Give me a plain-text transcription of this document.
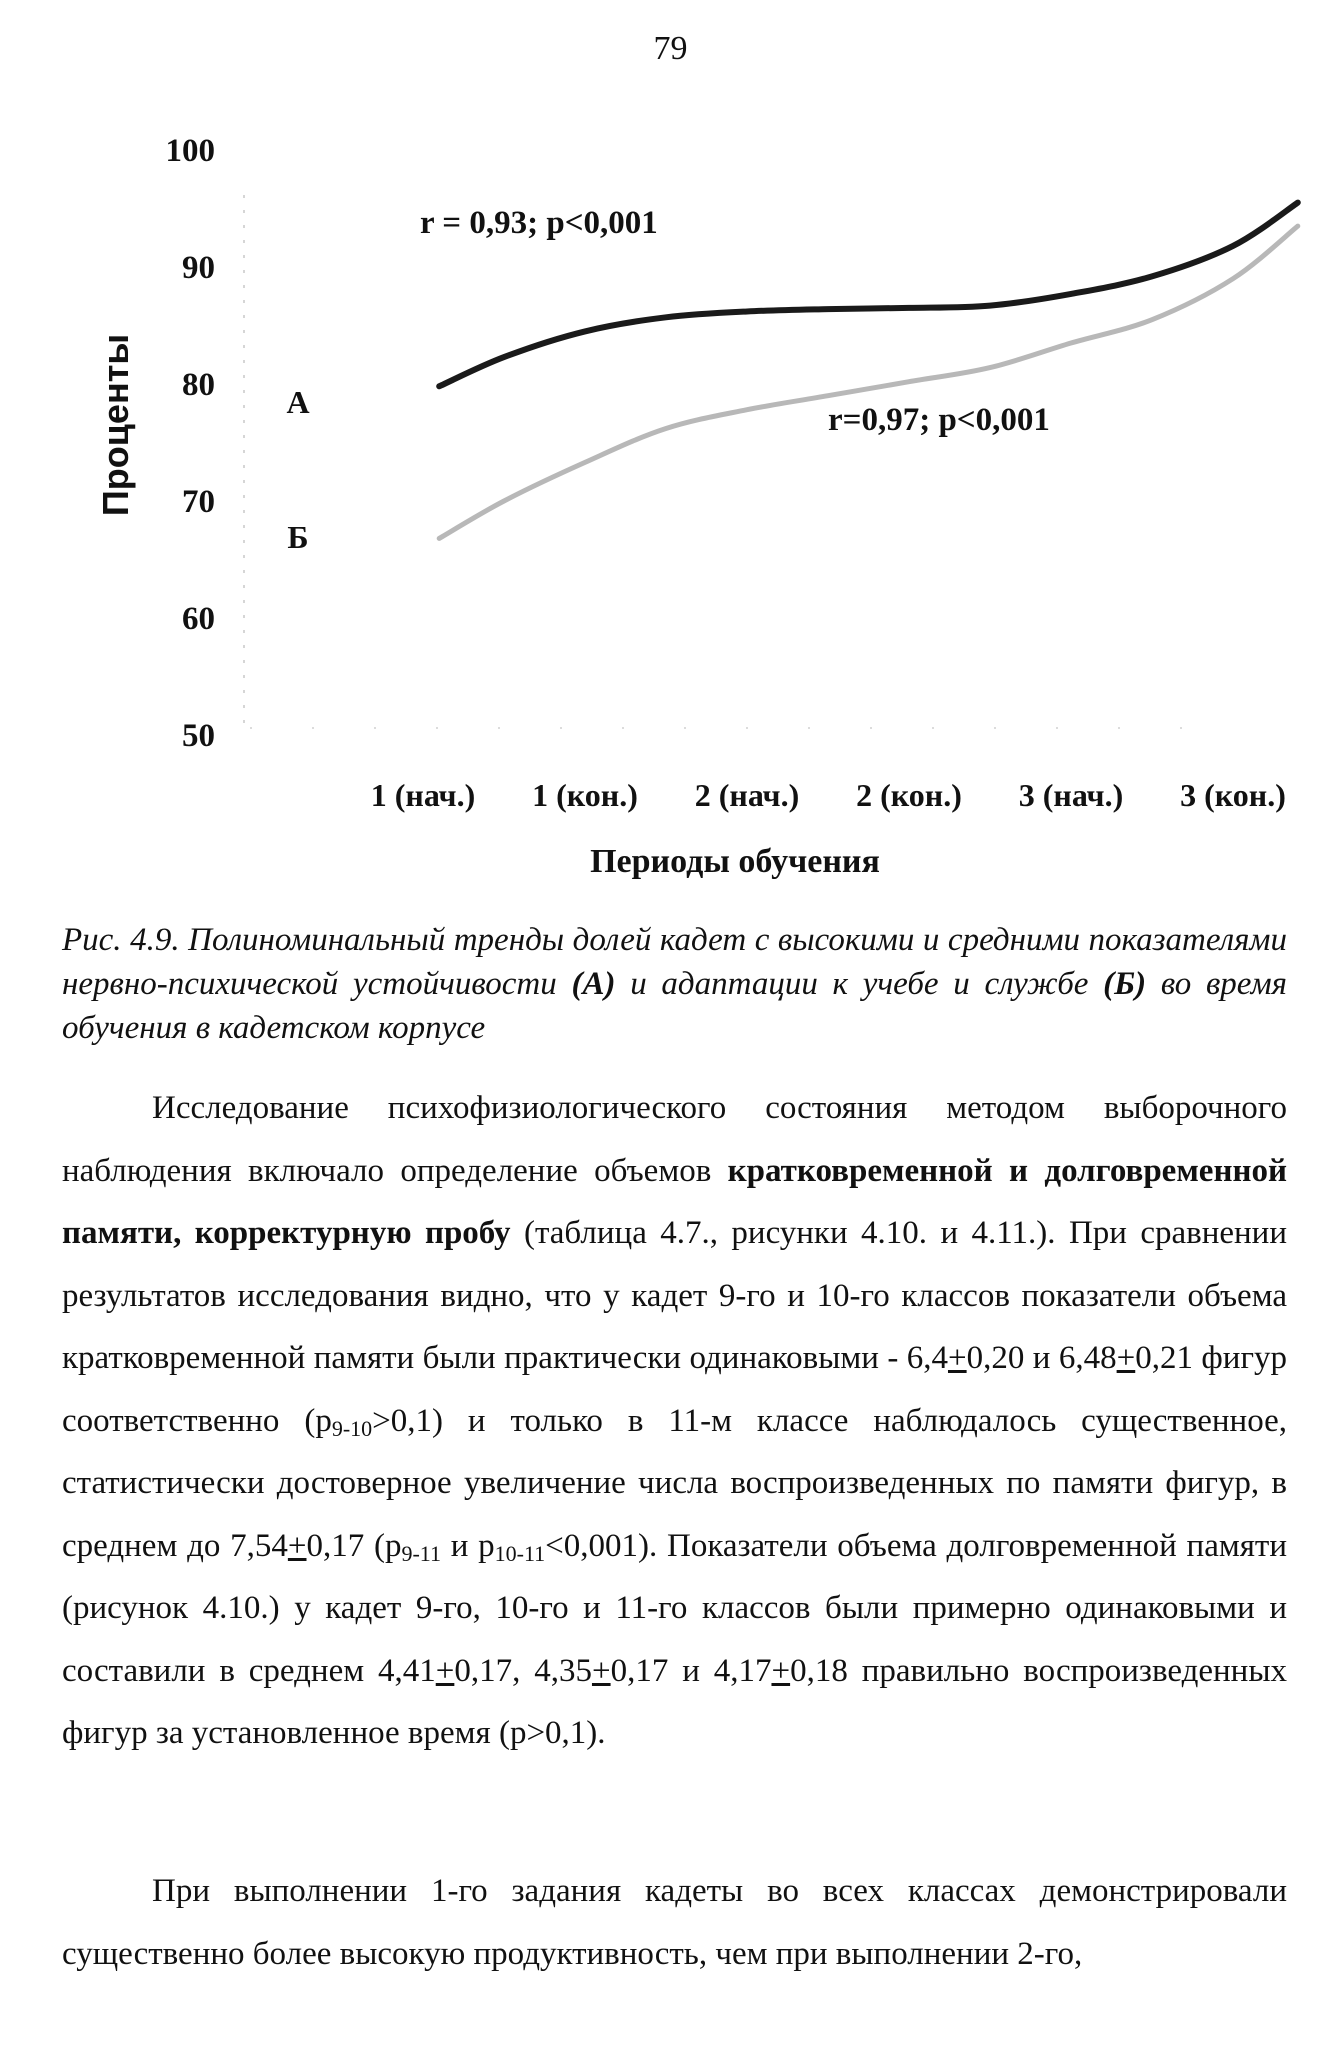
79
100
90
80
70
60
50
1 (нач.) 1 (кон.) 2 (нач.) 2 (кон.) 3 (нач.) 3 (кон.)
Проценты
Периоды обучения
А
Б
r = 0,93; p<0,001
r=0,97; p<0,001
Рис. 4.9. Полиноминальный тренды долей кадет с высокими и средними показателями нервно-психической устойчивости (А) и адаптации к учебе и службе (Б) во время обучения в кадетском корпусе
Исследование психофизиологического состояния методом выборочного наблюдения включало определение объемов кратковременной и долговременной памяти, корректурную пробу (таблица 4.7., рисунки 4.10. и 4.11.). При сравнении результатов исследования видно, что у кадет 9-го и 10-го классов показатели объема кратковременной памяти были практически одинаковыми - 6,4+0,20 и 6,48+0,21 фигур соответственно $(p_{9-10}>0,1)$ и только в 11-м классе наблюдалось существенное, статистически достоверное увеличение числа воспроизведенных по памяти фигур, в среднем до 7,54+0,17 ($p_{9-11}$ и $p_{10-11}<0,001$). Показатели объема долговременной памяти (рисунок 4.10.) у кадет 9-го, 10-го и 11-го классов были примерно одинаковыми и составили в среднем 4,41+0,17, 4,35+0,17 и 4,17+0,18 правильно воспроизведенных фигур за установленное время (p>0,1).
При выполнении 1-го задания кадеты во всех классах демонстрировали существенно более высокую продуктивность, чем при выполнении 2-го,
